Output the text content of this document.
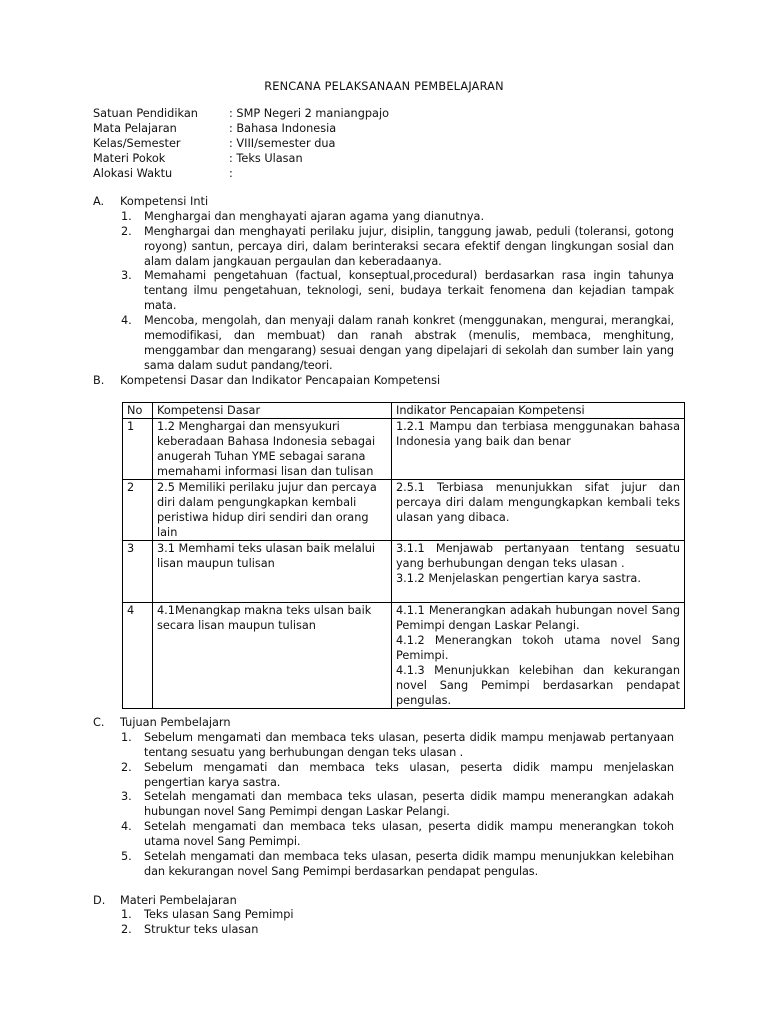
RENCANA PELAKSANAAN PEMBELAJARAN
Satuan Pendidikan	: SMP Negeri 2 maniangpajo
Mata Pelajaran	: Bahasa Indonesia
Kelas/Semester	: VIII/semester dua
Materi Pokok	: Teks Ulasan
Alokasi Waktu	:
A. Kompetensi Inti
1. Menghargai dan menghayati ajaran agama yang dianutnya.
2. Menghargai dan menghayati perilaku jujur, disiplin, tanggung jawab, peduli (toleransi, gotong royong) santun, percaya diri, dalam berinteraksi secara efektif dengan lingkungan sosial dan alam dalam jangkauan pergaulan dan keberadaanya.
3. Memahami pengetahuan (factual, konseptual,procedural) berdasarkan rasa ingin tahunya tentang ilmu pengetahuan, teknologi, seni, budaya terkait fenomena dan kejadian tampak mata.
4. Mencoba, mengolah, dan menyaji dalam ranah konkret (menggunakan, mengurai, merangkai, memodifikasi, dan membuat) dan ranah abstrak (menulis, membaca, menghitung, menggambar dan mengarang) sesuai dengan yang dipelajari di sekolah dan sumber lain yang sama dalam sudut pandang/teori.
B. Kompetensi Dasar dan Indikator Pencapaian Kompetensi
No	Kompetensi Dasar	Indikator Pencapaian Kompetensi
1	1.2 Menghargai dan mensyukuri keberadaan Bahasa Indonesia sebagai anugerah Tuhan YME sebagai sarana memahami informasi lisan dan tulisan	1.2.1 Mampu dan terbiasa menggunakan bahasa Indonesia yang baik dan benar

2	2.5 Memiliki perilaku jujur dan percaya diri dalam pengungkapkan kembali peristiwa hidup diri sendiri dan orang lain	2.5.1 Terbiasa menunjukkan sifat jujur dan percaya diri dalam mengungkapkan kembali teks ulasan yang dibaca.

3	3.1 Memhami teks ulasan baik melalui lisan maupun tulisan	3.1.1 Menjawab pertanyaan tentang sesuatu yang berhubungan dengan teks ulasan .
3.1.2 Menjelaskan pengertian karya sastra.

4	4.1Menangkap makna teks ulsan baik secara lisan maupun tulisan	4.1.1 Menerangkan adakah hubungan novel Sang Pemimpi dengan Laskar Pelangi.
4.1.2 Menerangkan tokoh utama novel Sang Pemimpi.
4.1.3 Menunjukkan kelebihan dan kekurangan novel Sang Pemimpi berdasarkan pendapat pengulas.
C. Tujuan Pembelajarn
1. Sebelum mengamati dan membaca teks ulasan, peserta didik mampu menjawab pertanyaan tentang sesuatu yang berhubungan dengan teks ulasan .
2. Sebelum mengamati dan membaca teks ulasan, peserta didik mampu menjelaskan pengertian karya sastra.
3. Setelah mengamati dan membaca teks ulasan, peserta didik mampu menerangkan adakah hubungan novel Sang Pemimpi dengan Laskar Pelangi.
4. Setelah mengamati dan membaca teks ulasan, peserta didik mampu menerangkan tokoh utama novel Sang Pemimpi.
5. Setelah mengamati dan membaca teks ulasan, peserta didik mampu menunjukkan kelebihan dan kekurangan novel Sang Pemimpi berdasarkan pendapat pengulas.
D. Materi Pembelajaran
1. Teks ulasan Sang Pemimpi
2. Struktur teks ulasan
